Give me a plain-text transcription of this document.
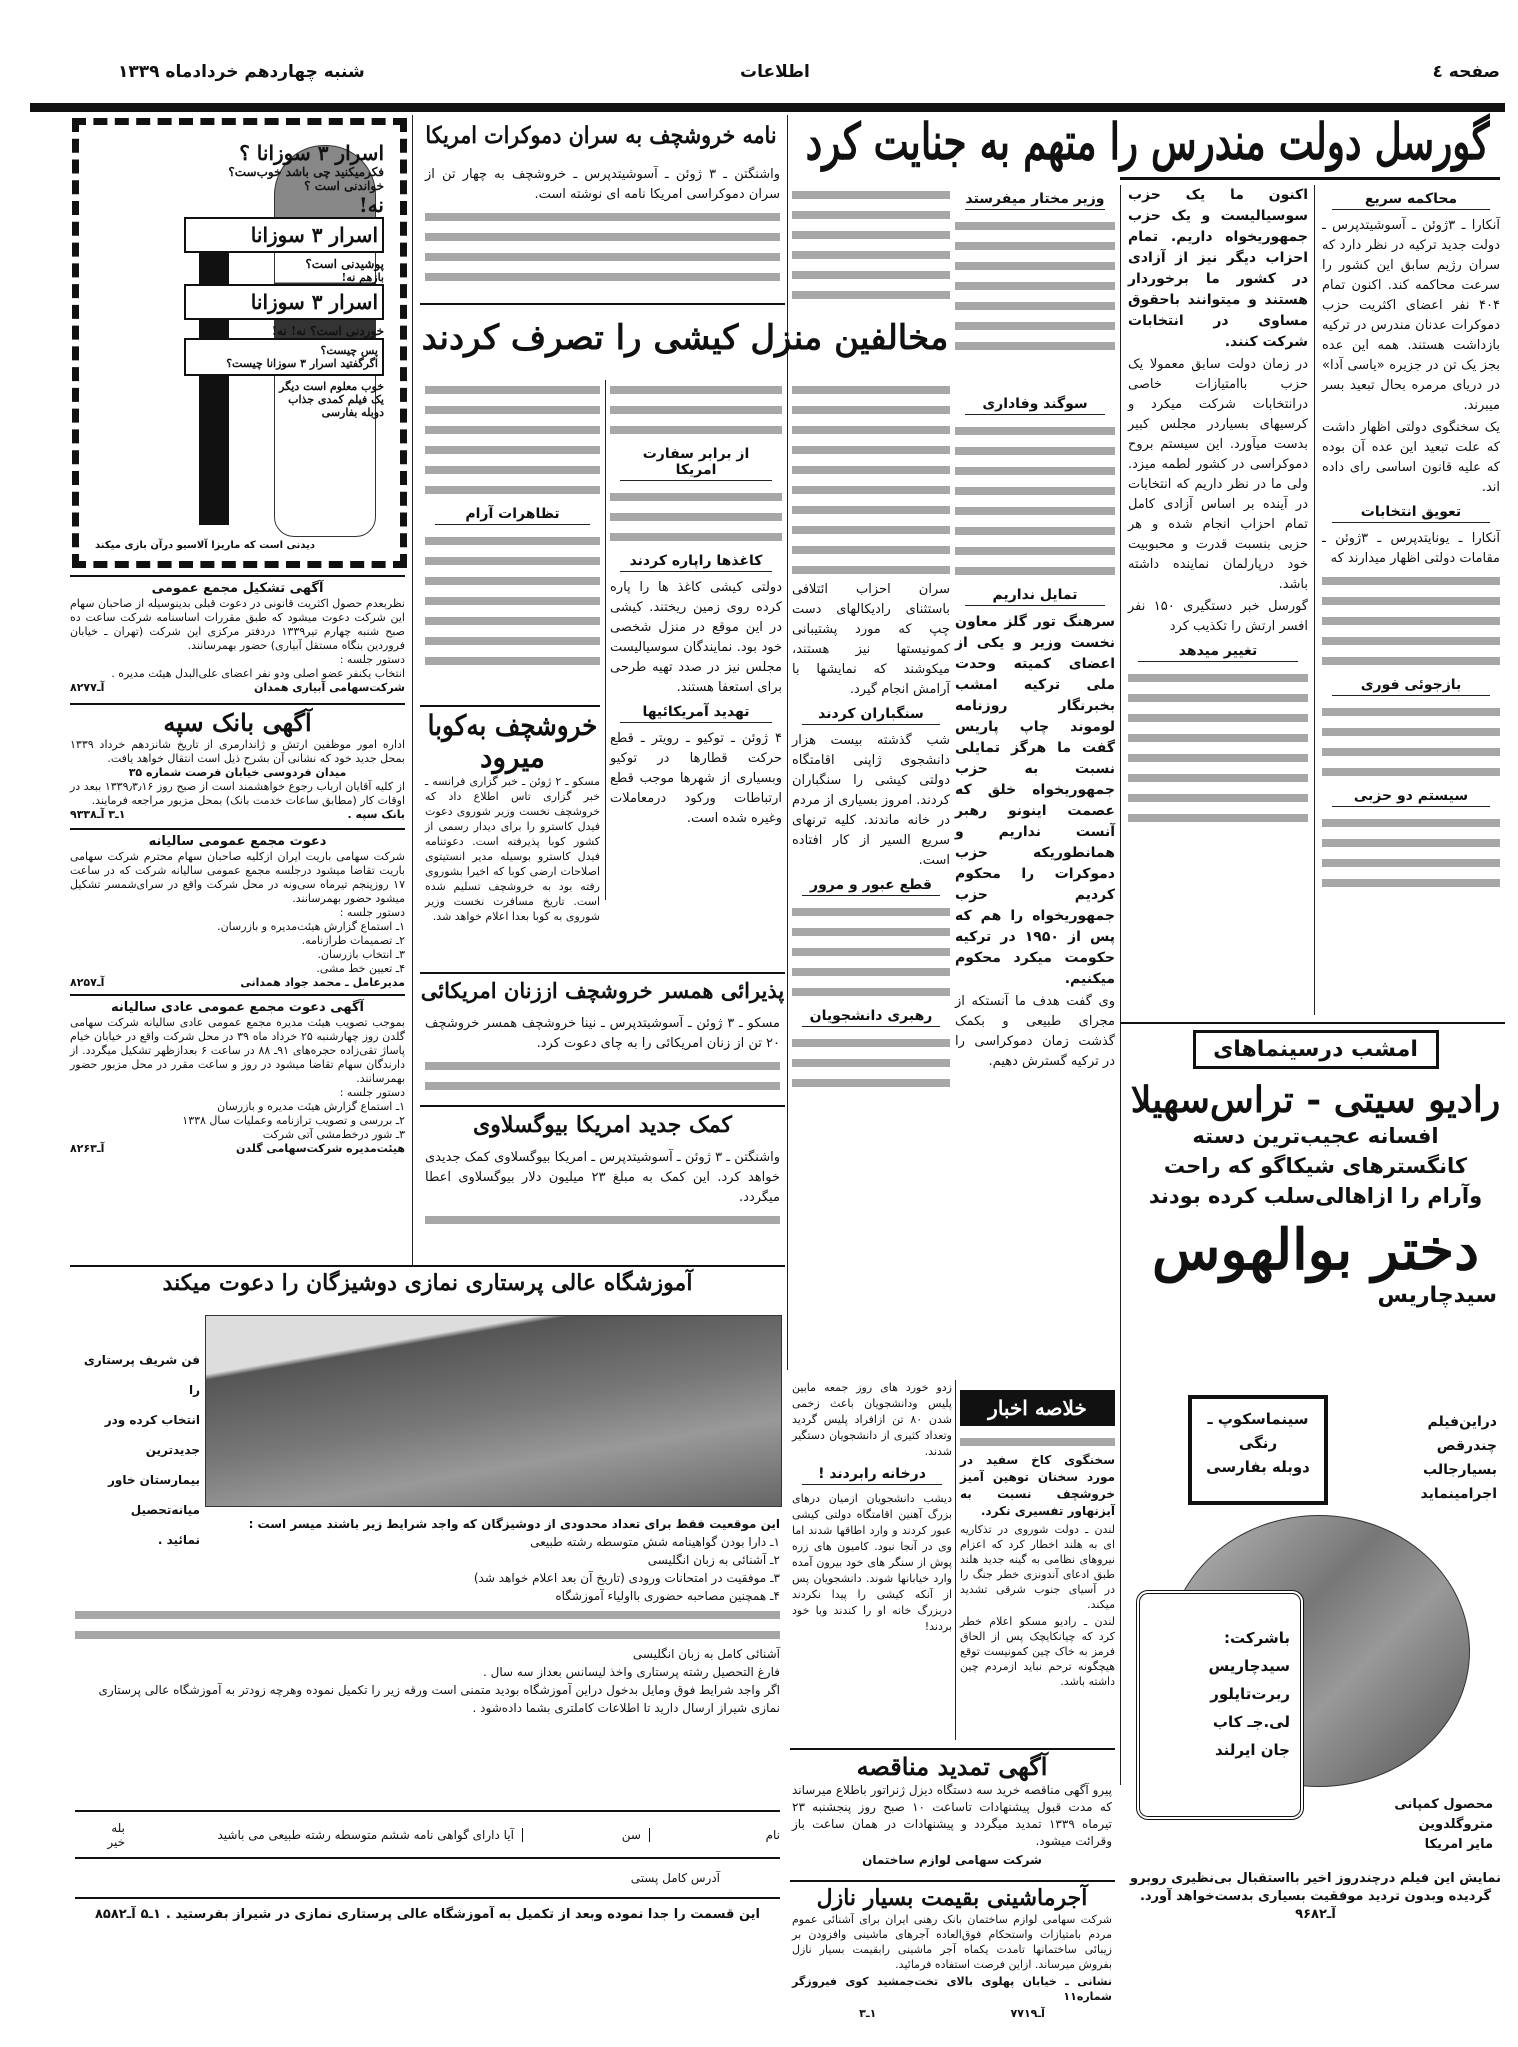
صفحه ٤
اطلاعات
شنبه چهاردهم خردادماه ۱۳۳۹
گورسل دولت مندرس را متهم به جنایت کرد
محاکمه سریع

آنکارا ـ ۳ژوئن ـ آسوشیتدپرس ـ دولت جدید ترکیه در نظر دارد که سران رژیم سابق این کشور را سرعت محاکمه کند. اکنون تمام ۴۰۴ نفر اعضای اکثریت حزب دموکرات عدنان مندرس در ترکیه بازداشت هستند. همه این عده بجز یک تن در جزیره «یاسی آدا» در دریای مرمره بحال تبعید بسر میبرند.

یک سخنگوی دولتی اظهار داشت که علت تبعید این عده آن بوده که علیه قانون اساسی رای داده اند.

تعویق انتخابات

آنکارا ـ یونایتدپرس ـ ۳ژوئن ـ مقامات دولتی اظهار میدارند که

بازجوئی فوری
سیستم دو حزبی

اکنون ما یک حزب سوسیالیست و یک حزب جمهوریخواه داریم. تمام احزاب دیگر نیز از آزادی در کشور ما برخوردار هستند و میتوانند باحقوق مساوی در انتخابات شرکت کنند.

در زمان دولت سابق معمولا یک حزب باامتیازات خاصی درانتخابات شرکت میکرد و کرسیهای بسیاردر مجلس کبیر بدست میآورد. این سیستم بروح دموکراسی در کشور لطمه میزد. ولی ما در نظر داریم که انتخابات در آینده بر اساس آزادی کامل تمام احزاب انجام شده و هر حزبی بنسبت قدرت و محبوبیت خود درپارلمان نماینده داشته باشد.

گورسل خبر دستگیری ۱۵۰ نفر افسر ارتش را تکذیب کرد

تغییر میدهد
وزیر مختار میفرستد
سوگند وفاداری
تمایل نداریم

سرهنگ تور گلز معاون نخست وزیر و یکی از اعضای کمیته وحدت ملی ترکیه امشب بخبرنگار روزنامه لوموند چاپ پاریس گفت ما هرگز تمایلی نسبت به حزب جمهوریخواه خلق که عصمت اینونو رهبر آنست نداریم و همانطوریکه حزب دموکرات را محکوم کردیم حزب جمهوریخواه را هم که پس از ۱۹۵۰ در ترکیه حکومت میکرد محکوم میکنیم.

وی گفت هدف ما آنستکه از مجرای طبیعی و بکمک گذشت زمان دموکراسی را در ترکیه گسترش دهیم.

نامه خروشچف به سران دموکرات امریکا

واشنگتن ـ ۳ ژوئن ـ آسوشیتدپرس ـ خروشچف به چهار تن از سران دموکراسی امریکا نامه ای نوشته است.

مخالفین منزل کیشی را تصرف کردند

سران احزاب ائتلافی باستثنای رادیکالهای دست چپ که مورد پشتیبانی کمونیستها نیز هستند، میکوشند که نمایشها با آرامش انجام گیرد.

سنگباران کردند

شب گذشته بیست هزار دانشجوی ژاپنی اقامتگاه دولتی کیشی را سنگباران کردند. امروز بسیاری از مردم در خانه ماندند. کلیه ترنهای سریع السیر از کار افتاده است.

قطع عبور و مرور
رهبری دانشجویان
از برابر سفارت امریکا
کاغذها راپاره کردند

دولتی کیشی کاغذ ها را پاره کرده روی زمین ریختند. کیشی در این موقع در منزل شخصی خود بود. نمایندگان سوسیالیست مجلس نیز در صدد تهیه طرحی برای استعفا هستند.

تهدید آمریکائیها

۴ ژوئن ـ توکیو ـ رویتر ـ قطع حرکت قطارها در توکیو وبسیاری از شهرها موجب قطع ارتباطات ورکود درمعاملات وغیره شده است.

تظاهرات آرام
خروشچف به‌کوبا
میرود

مسکو ـ ۲ ژوئن ـ خبر گزاری فرانسه ـ خبر گزاری تاس اطلاع داد که خروشچف نخست وزیر شوروی دعوت فیدل کاسترو را برای دیدار رسمی از کشور کوبا پذیرفته است. دعوتنامه فیدل کاسترو بوسیله مدیر انستیتوی اصلاحات ارضی کوبا که اخیرا بشوروی رفته بود به خروشچف تسلیم شده است. تاریخ مسافرت نخست وزیر شوروی به کوبا بعدا اعلام خواهد شد.

پذیرائی همسر خروشچف اززنان امریکائی

مسکو ـ ۳ ژوئن ـ آسوشیتدپرس ـ نینا خروشچف همسر خروشچف ۲۰ تن از زنان امریکائی را به چای دعوت کرد.

کمک جدید امریکا بیوگسلاوی

واشنگتن ـ ۳ ژوئن ـ آسوشیتدپرس ـ امریکا بیوگسلاوی کمک جدیدی خواهد کرد. این کمک به مبلغ ۲۳ میلیون دلار بیوگسلاوی اعطا میگردد.

زدو خورد های روز جمعه مابین پلیس ودانشجویان باعث زخمی شدن ۸۰ تن ازافراد پلیس گردید وتعداد کثیری از دانشجویان دستگیر شدند.

درخانه رابردند !

دیشب دانشجویان ازمیان درهای بزرگ آهنین اقامتگاه دولتی کیشی عبور کردند و وارد اطاقها شدند اما وی در آنجا نبود. کامیون های زره پوش از سنگر های خود بیرون آمده وارد خیابانها شوند. دانشجویان پس از آنکه کیشی را پیدا نکردند دربزرگ خانه او را کندند وبا خود بردند!

خلاصه اخبار

سخنگوی کاخ سفید در مورد سخنان توهین آمیز خروشچف نسبت به آیزنهاور تفسیری نکرد.

لندن ـ دولت شوروی در تذکاریه ای به هلند اخطار کرد که اعزام نیروهای نظامی به گینه جدید هلند طبق ادعای آندونزی خطر جنگ را در آسیای جنوب شرقی تشدید میکند.

لندن ـ رادیو مسکو اعلام خطر کرد که چیانکایچک پس از الحاق فرمز به خاک چین کمونیست توقع هیچگونه ترحم نباید ازمردم چین داشته باشد.

آگهی تمدید مناقصه

پیرو آگهی مناقصه خرید سه دستگاه دیزل ژنراتور باطلاع میرساند که مدت قبول پیشنهادات تاساعت ۱۰ صبح روز پنجشنبه ۲۳ تیرماه ۱۳۳۹ تمدید میگردد و پیشنهادات در همان ساعت باز وقرائت میشود.

شرکت سهامی لوازم ساختمان
آجرماشینی بقیمت بسیار نازل

شرکت سهامی لوازم ساختمان بانک رهنی ایران برای آشنائی عموم مردم بامتیازات واستحکام فوق‌العاده آجرهای ماشینی وافزودن بر زیبائی ساختمانها تامدت یکماه آجر ماشینی رابقیمت بسیار نازل بفروش میرساند. ازاین فرصت استفاده فرمائید.

نشانی ـ خیابان پهلوی بالای تخت‌جمشید کوی فیروزگر شماره۱۱

آـ۷۷۱۹
۱ـ۳
امشب درسینماهای
رادیو سیتی - تراس‌سهیلا
افسانه عجیب‌ترین دسته کانگسترهای شیکاگو که راحت وآرام را ازاهالی‌سلب کرده بودند
دختر بوالهوس
سیدچاریس
دراین‌فیلم
چندرقص
بسیارجالب
اجرامینماید
سینماسکوپ ـ
رنگی
دوبله بفارسی
باشرکت:
سیدچاریس
ربرت‌تایلور
لی.جـ کاب
جان ایرلند
محصول کمپانی
متروگلدوین
مایر امریکا
نمایش این فیلم درچندروز اخیر بااستقبال بی‌نظیری روبرو گردیده وبدون تردید موفقیت بسیاری بدست‌خواهد آورد.
آـ۹۶۸۲
اسرار ۳ سوزانا ؟
فکرمیکنید چی باشد خوب‌ست؟
خواندنی است ؟
نه!
اسرار ۳ سوزانا
پوشیدنی است؟
بازهم نه!
اسرار ۳ سوزانا
خوردنی است؟ نه! نه!
پس چیست؟
اگرگفتید اسرار ۳ سوزانا چیست؟
خوب معلوم است دیگر
یک فیلم کمدی جذاب
دوبله بفارسی
دیدنی است که ماریزا آلاسیو درآن بازی میکند
آگهی تشکیل مجمع عمومی
نظربعدم حصول اکثریت قانونی در دعوت قبلی بدینوسیله از صاحبان سهام این شرکت دعوت میشود که طبق مقررات اساسنامه شرکت ساعت ده صبح شنبه چهارم تیر۱۳۳۹ دردفتر مرکزی این شرکت (تهران ـ خیابان فروردین بنگاه مستقل آبیاری) حضور بهمرسانند.
دستور جلسه :
انتخاب یکنفر عضو اصلی ودو نفر اعضای علی‌البدل هیئت مدیره .
شرکت‌سهامی آبیاری همدان
آـ۸۲۷۷
آگهی بانک سپه
اداره امور موظفین ارتش و ژاندارمری از تاریخ شانزدهم خرداد ۱۳۳۹ بمحل جدید خود که نشانی آن بشرح ذیل است انتقال خواهد یافت.
میدان فردوسی خیابان فرصت شماره ۳۵
از کلیه آقایان ارباب رجوع خواهشمند است از صبح روز ۱۳۳۹٫۳٫۱۶ ببعد در اوقات کار (مطابق ساعات خدمت بانک) بمحل مزبور مراجعه فرمایند.
بانک سپه .
۱ـ۳ آـ۹۳۳۸
دعوت مجمع عمومی سالیانه
شرکت سهامی باریت ایران ازکلیه صاحبان سهام محترم شرکت سهامی باریت تقاضا میشود درجلسه مجمع عمومی سالیانه شرکت که در ساعت ۱۷ روزپنجم تیرماه سی‌ونه در محل شرکت واقع در سرای‌شمسر تشکیل میشود حضور بهمرسانند.
دستور جلسه :
۱ـ استماع گزارش هیئت‌مدیره و بازرسان.
۲ـ تصمیمات طرازنامه.
۳ـ انتخاب بازرسان.
۴ـ تعیین خط مشی.
مدیرعامل ـ محمد جواد همدانی
آـ۸۲۵۷
آگهی دعوت مجمع عمومی عادی سالیانه
بموجب تصویب هیئت مدیره مجمع عمومی عادی سالیانه شرکت سهامی گلدن روز چهارشنبه ۲۵ خرداد ماه ۳۹ در محل شرکت واقع در خیابان خیام پاساژ تقی‌زاده حجره‌های ۹۱ـ ۸۸ در ساعت ۶ بعدازظهر تشکیل میگردد. از دارندگان سهام تقاضا میشود در روز و ساعت مقرر در محل مزبور حضور بهمرسانند.
دستور جلسه :
۱ـ استماع گزارش هیئت مدیره و بازرسان
۲ـ بررسی و تصویب ترازنامه وعملیات سال ۱۳۳۸
۳ـ شور درخط‌مشی آتی شرکت
هیئت‌مدیره شرکت‌سهامی گلدن
آـ۸۲۶۳
آموزشگاه عالی پرستاری نمازی دوشیزگان را دعوت میکند
فن شریف پرستاری را
انتخاب کرده ودر جدیدترین
بیمارستان خاور میانه‌تحصیل
نمائید .
این موقعیت فقط برای تعداد محدودی از دوشیزگان که واجد شرایط زیر باشند میسر است :
۱ـ دارا بودن گواهینامه شش متوسطه رشته طبیعی
۲ـ آشنائی به زبان انگلیسی
۳ـ موفقیت در امتحانات ورودی (تاریخ آن بعد اعلام خواهد شد)
۴ـ همچنین مصاحبه حضوری بااولیاء آموزشگاه
آشنائی کامل به زبان انگلیسی
فارغ التحصیل رشته پرستاری واخذ لیسانس بعداز سه سال .
اگر واجد شرایط فوق ومایل بدخول دراین آموزشگاه بودید متمنی است ورقه زیر را تکمیل نموده وهرچه زودتر به آموزشگاه عالی پرستاری نمازی شیراز ارسال دارید تا اطلاعات کاملتری بشما داده‌شود .
نام
سن
آیا دارای گواهی نامه ششم متوسطه رشته طبیعی می باشید
بله
خیر
آدرس کامل پستی
این قسمت را جدا نموده وبعد از تکمیل به آموزشگاه عالی پرستاری نمازی در شیراز بفرستید .
۱ـ۵
آـ۸۵۸۲
